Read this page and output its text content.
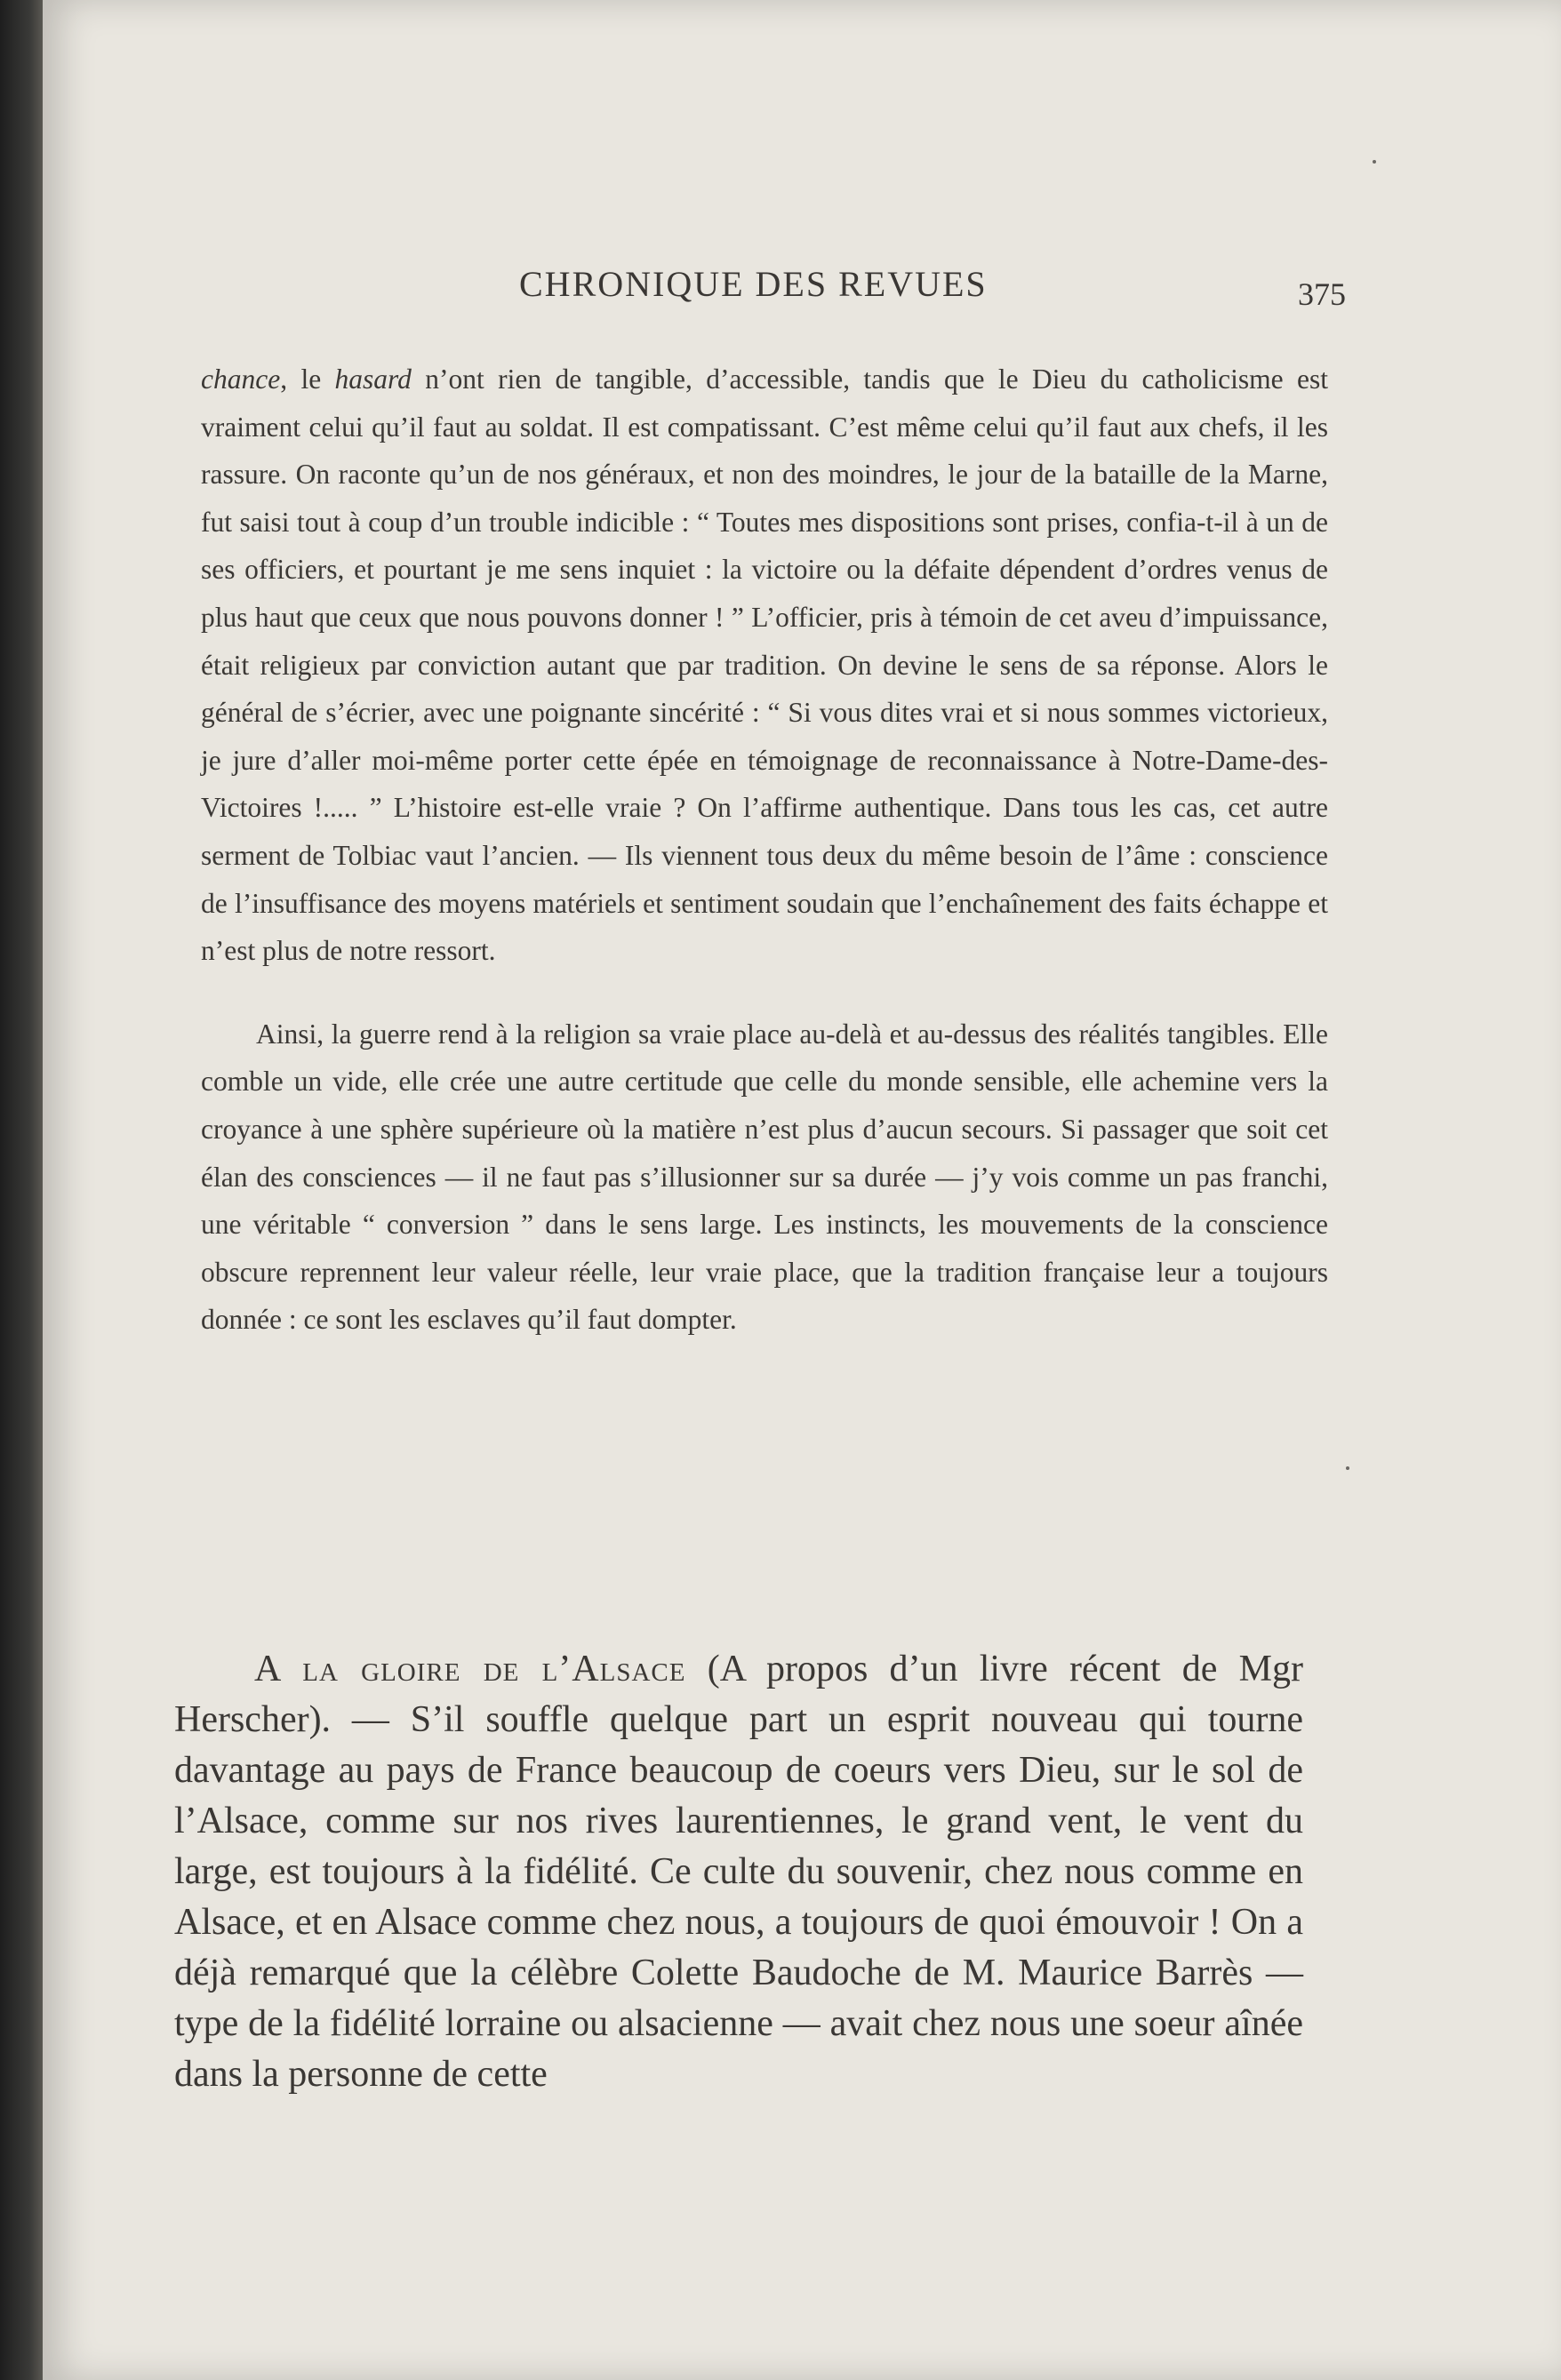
CHRONIQUE DES REVUES	375

chance, le hasard n’ont rien de tangible, d’accessible, tandis que le Dieu du catholicisme est vraiment celui qu’il faut au soldat. Il est compatissant. C’est même celui qu’il faut aux chefs, il les rassure. On raconte qu’un de nos généraux, et non des moindres, le jour de la bataille de la Marne, fut saisi tout à coup d’un trouble indicible : “ Toutes mes dispositions sont prises, confia-t-il à un de ses officiers, et pourtant je me sens inquiet : la victoire ou la défaite dépendent d’ordres venus de plus haut que ceux que nous pouvons donner ! ” L’officier, pris à témoin de cet aveu d’impuissance, était religieux par conviction autant que par tradition. On devine le sens de sa réponse. Alors le général de s’écrier, avec une poignante sincérité : “ Si vous dites vrai et si nous sommes victorieux, je jure d’aller moi-même porter cette épée en témoignage de reconnaissance à Notre-Dame-des-Victoires !..... ” L’histoire est-elle vraie ? On l’affirme authentique. Dans tous les cas, cet autre serment de Tolbiac vaut l’ancien. — Ils viennent tous deux du même besoin de l’âme : conscience de l’insuffisance des moyens matériels et sentiment soudain que l’enchaînement des faits échappe et n’est plus de notre ressort.

Ainsi, la guerre rend à la religion sa vraie place au-delà et au-dessus des réalités tangibles. Elle comble un vide, elle crée une autre certitude que celle du monde sensible, elle achemine vers la croyance à une sphère supérieure où la matière n’est plus d’aucun secours. Si passager que soit cet élan des consciences — il ne faut pas s’illusionner sur sa durée — j’y vois comme un pas franchi, une véritable “ conversion ” dans le sens large. Les instincts, les mouvements de la conscience obscure reprennent leur valeur réelle, leur vraie place, que la tradition française leur a toujours donnée : ce sont les esclaves qu’il faut dompter.

A la gloire de l’Alsace (A propos d’un livre récent de Mgr Herscher). — S’il souffle quelque part un esprit nouveau qui tourne davantage au pays de France beaucoup de coeurs vers Dieu, sur le sol de l’Alsace, comme sur nos rives laurentiennes, le grand vent, le vent du large, est toujours à la fidélité. Ce culte du souvenir, chez nous comme en Alsace, et en Alsace comme chez nous, a toujours de quoi émouvoir ! On a déjà remarqué que la célèbre Colette Baudoche de M. Maurice Barrès — type de la fidélité lorraine ou alsacienne — avait chez nous une soeur aînée dans la personne de cette
